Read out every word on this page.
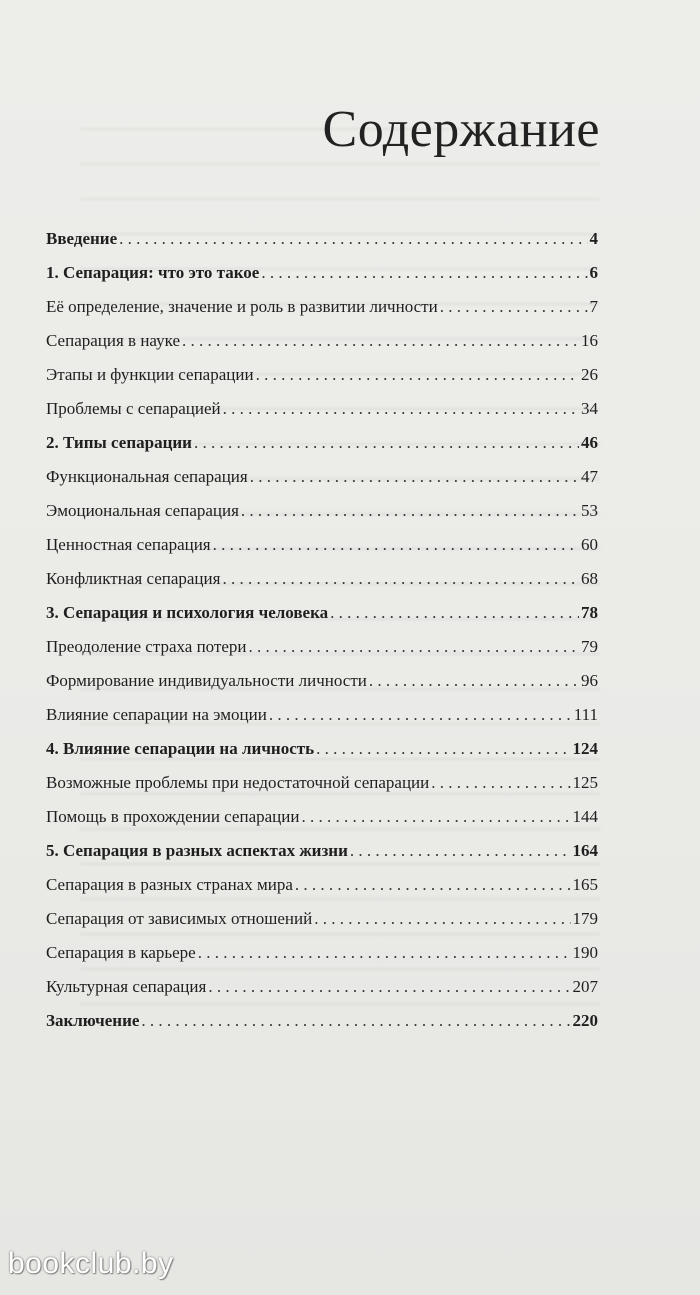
Содержание
Введение . . .	4
1. Сепарация: что это такое . . .	6
Её определение, значение и роль в развитии личности . . .	7
Сепарация в науке . . .	16
Этапы и функции сепарации . . .	26
Проблемы с сепарацией . . .	34
2. Типы сепарации . . .	46
Функциональная сепарация . . .	47
Эмоциональная сепарация . . .	53
Ценностная сепарация . . .	60
Конфликтная сепарация . . .	68
3. Сепарация и психология человека . . .	78
Преодоление страха потери . . .	79
Формирование индивидуальности личности . . .	96
Влияние сепарации на эмоции . . .	111
4. Влияние сепарации на личность . . .	124
Возможные проблемы при недостаточной сепарации . . .	125
Помощь в прохождении сепарации . . .	144
5. Сепарация в разных аспектах жизни . . .	164
Сепарация в разных странах мира . . .	165
Сепарация от зависимых отношений . . .	179
Сепарация в карьере . . .	190
Культурная сепарация . . .	207
Заключение . . .	220
bookclub.by
